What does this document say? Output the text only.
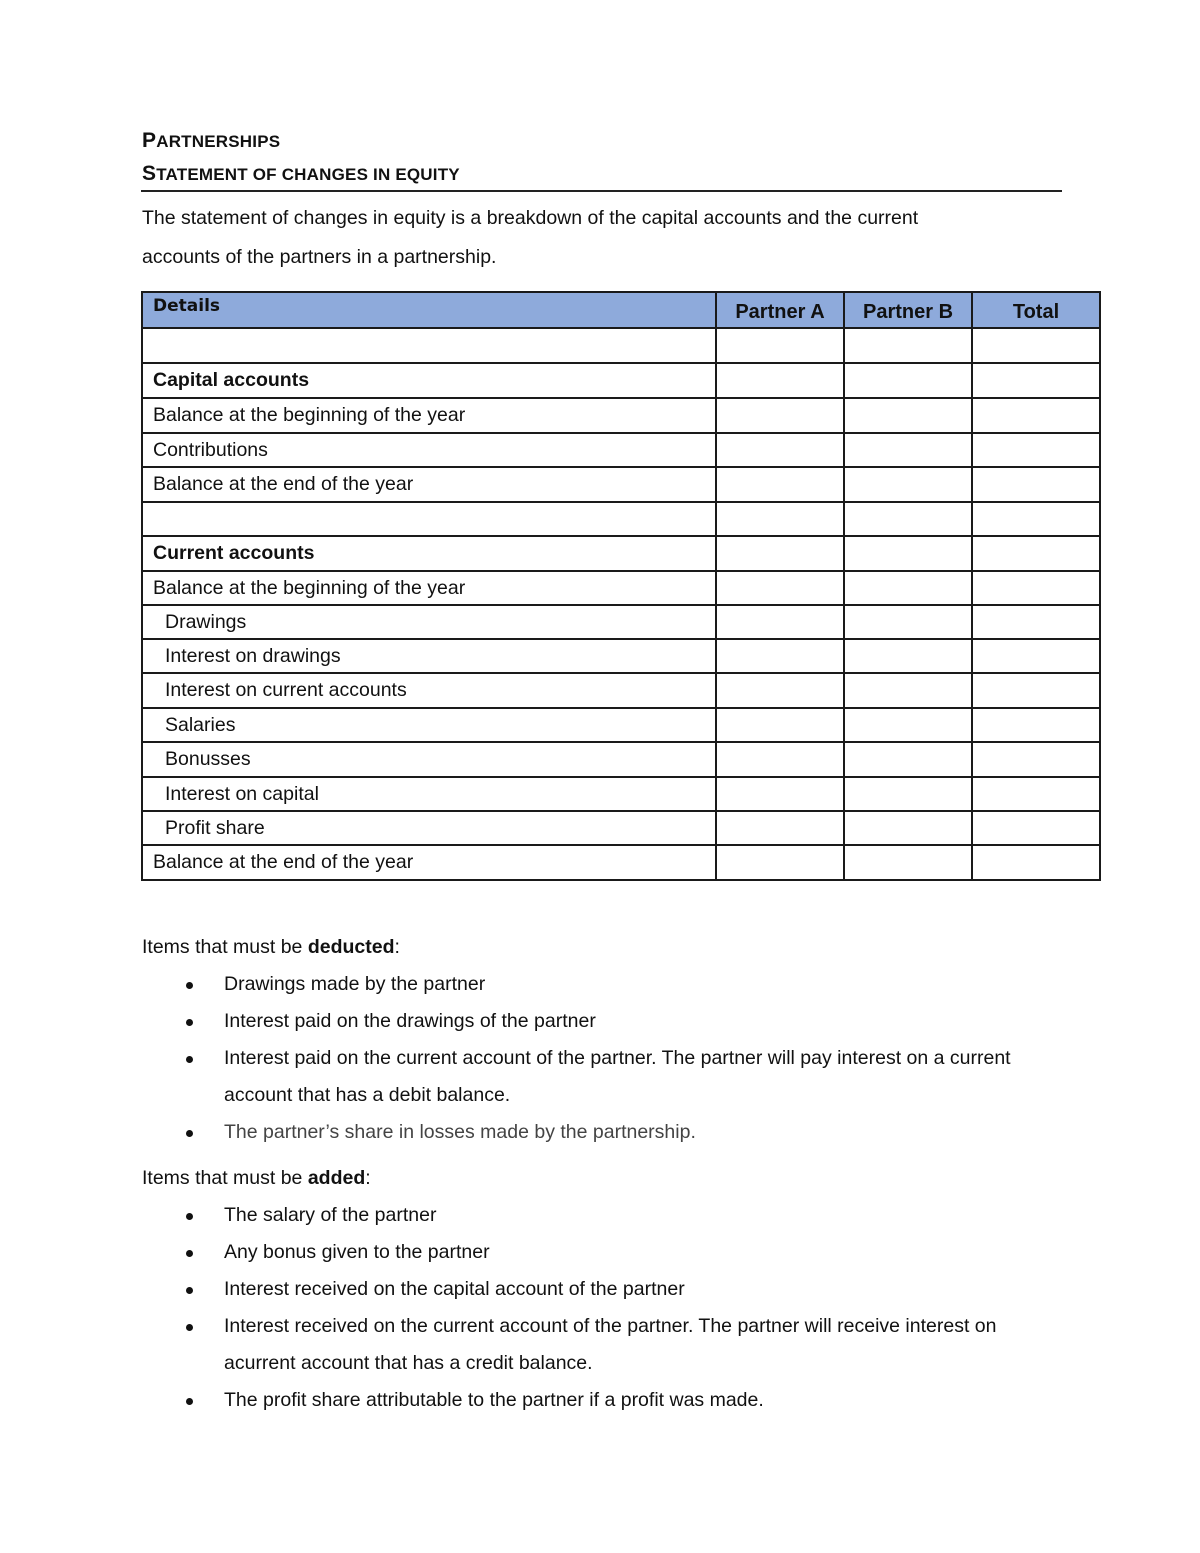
PARTNERSHIPS
STATEMENT OF CHANGES IN EQUITY
The statement of changes in equity is a breakdown of the capital accounts and the current
accounts of the partners in a partnership.
Details	Partner A	Partner B	Total

Capital accounts			
Balance at the beginning of the year			
Contributions			
Balance at the end of the year			

Current accounts			
Balance at the beginning of the year			
Drawings			
Interest on drawings			
Interest on current accounts			
Salaries			
Bonusses			
Interest on capital			
Profit share			
Balance at the end of the year			
Items that must be deducted:
Drawings made by the partner
Interest paid on the drawings of the partner
Interest paid on the current account of the partner. The partner will pay interest on a current account that has a debit balance.
The partner’s share in losses made by the partnership.
Items that must be added:
The salary of the partner
Any bonus given to the partner
Interest received on the capital account of the partner
Interest received on the current account of the partner. The partner will receive interest on acurrent account that has a credit balance.
The profit share attributable to the partner if a profit was made.
